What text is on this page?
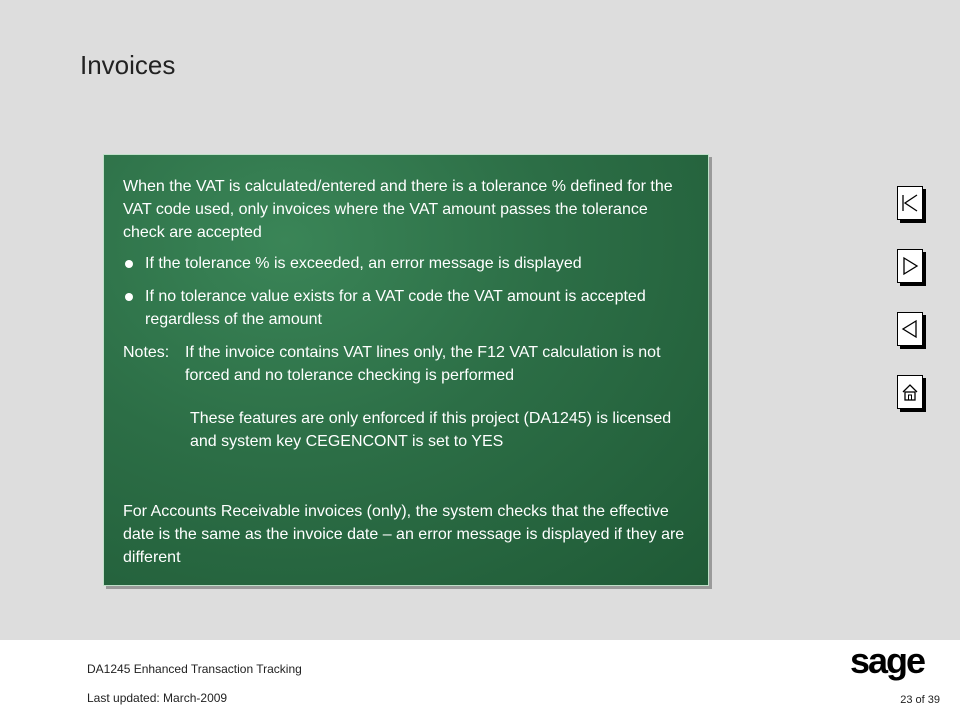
Invoices

When the VAT is calculated/entered and there is a tolerance % defined for the VAT code used, only invoices where the VAT amount passes the tolerance check are accepted

If the tolerance % is exceeded, an error message is displayed
If no tolerance value exists for a VAT code the VAT amount is accepted regardless of the amount
Notes: If the invoice contains VAT lines only, the F12 VAT calculation is not forced and no tolerance checking is performed
These features are only enforced if this project (DA1245) is licensed and system key CEGENCONT is set to YES
For Accounts Receivable invoices (only), the system checks that the effective date is the same as the invoice date – an error message is displayed if they are different
DA1245 Enhanced Transaction Tracking
Last updated: March-2009	23 of 39
sage
